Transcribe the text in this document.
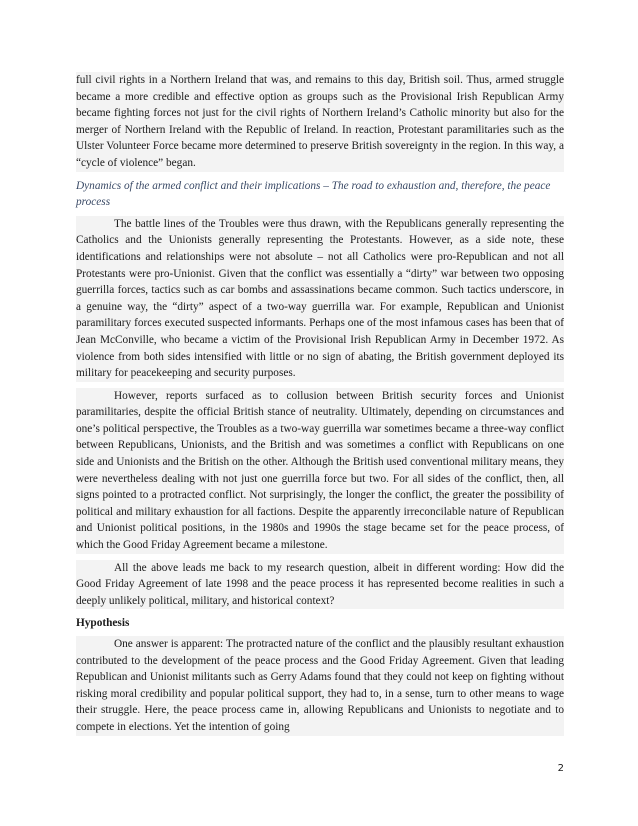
full civil rights in a Northern Ireland that was, and remains to this day, British soil. Thus, armed struggle became a more credible and effective option as groups such as the Provisional Irish Republican Army became fighting forces not just for the civil rights of Northern Ireland’s Catholic minority but also for the merger of Northern Ireland with the Republic of Ireland. In reaction, Protestant paramilitaries such as the Ulster Volunteer Force became more determined to preserve British sovereignty in the region. In this way, a “cycle of violence” began.

Dynamics of the armed conflict and their implications – The road to exhaustion and, therefore, the peace process

The battle lines of the Troubles were thus drawn, with the Republicans generally representing the Catholics and the Unionists generally representing the Protestants. However, as a side note, these identifications and relationships were not absolute – not all Catholics were pro-Republican and not all Protestants were pro-Unionist. Given that the conflict was essentially a “dirty” war between two opposing guerrilla forces, tactics such as car bombs and assassinations became common. Such tactics underscore, in a genuine way, the “dirty” aspect of a two-way guerrilla war. For example, Republican and Unionist paramilitary forces executed suspected informants. Perhaps one of the most infamous cases has been that of Jean McConville, who became a victim of the Provisional Irish Republican Army in December 1972. As violence from both sides intensified with little or no sign of abating, the British government deployed its military for peacekeeping and security purposes.

However, reports surfaced as to collusion between British security forces and Unionist paramilitaries, despite the official British stance of neutrality. Ultimately, depending on circumstances and one’s political perspective, the Troubles as a two-way guerrilla war sometimes became a three-way conflict between Republicans, Unionists, and the British and was sometimes a conflict with Republicans on one side and Unionists and the British on the other. Although the British used conventional military means, they were nevertheless dealing with not just one guerrilla force but two. For all sides of the conflict, then, all signs pointed to a protracted conflict. Not surprisingly, the longer the conflict, the greater the possibility of political and military exhaustion for all factions. Despite the apparently irreconcilable nature of Republican and Unionist political positions, in the 1980s and 1990s the stage became set for the peace process, of which the Good Friday Agreement became a milestone.

All the above leads me back to my research question, albeit in different wording: How did the Good Friday Agreement of late 1998 and the peace process it has represented become realities in such a deeply unlikely political, military, and historical context?

Hypothesis

One answer is apparent: The protracted nature of the conflict and the plausibly resultant exhaustion contributed to the development of the peace process and the Good Friday Agreement. Given that leading Republican and Unionist militants such as Gerry Adams found that they could not keep on fighting without risking moral credibility and popular political support, they had to, in a sense, turn to other means to wage their struggle. Here, the peace process came in, allowing Republicans and Unionists to negotiate and to compete in elections. Yet the intention of going

2
